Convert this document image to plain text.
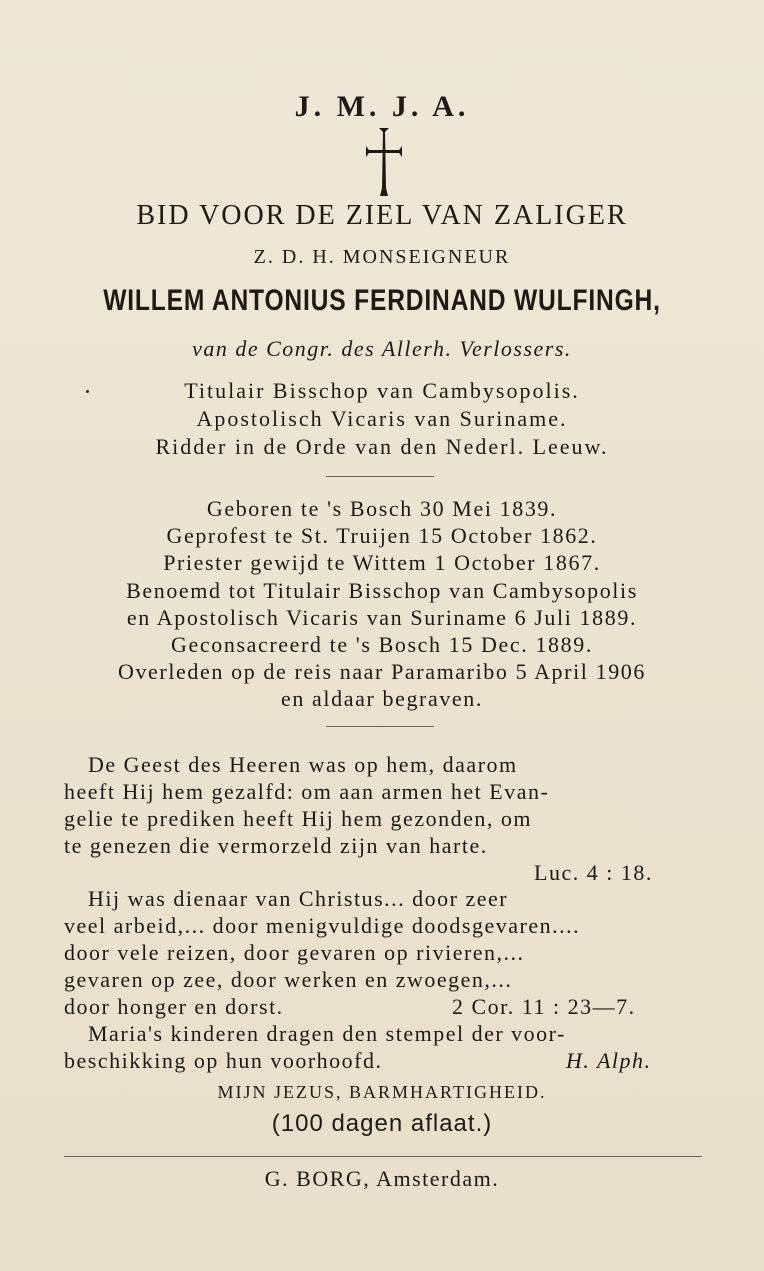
J. M. J. A.
BID VOOR DE ZIEL VAN ZALIGER
Z. D. H. MONSEIGNEUR
WILLEM ANTONIUS FERDINAND WULFINGH,
van de Congr. des Allerh. Verlossers.
Titulair Bisschop van Cambysopolis.
Apostolisch Vicaris van Suriname.
Ridder in de Orde van den Nederl. Leeuw.
Geboren te 's Bosch 30 Mei 1839.
Geprofest te St. Truijen 15 October 1862.
Priester gewijd te Wittem 1 October 1867.
Benoemd tot Titulair Bisschop van Cambysopolis
en Apostolisch Vicaris van Suriname 6 Juli 1889.
Geconsacreerd te 's Bosch 15 Dec. 1889.
Overleden op de reis naar Paramaribo 5 April 1906
en aldaar begraven.
De Geest des Heeren was op hem, daarom
heeft Hij hem gezalfd: om aan armen het Evan-
gelie te prediken heeft Hij hem gezonden, om
te genezen die vermorzeld zijn van harte.
Luc. 4 : 18.
Hij was dienaar van Christus... door zeer
veel arbeid,... door menigvuldige doodsgevaren....
door vele reizen, door gevaren op rivieren,...
gevaren op zee, door werken en zwoegen,...
door honger en dorst.	2 Cor. 11 : 23—7.
Maria's kinderen dragen den stempel der voor-
beschikking op hun voorhoofd.	H. Alph.
MIJN JEZUS, BARMHARTIGHEID.
(100 dagen aflaat.)
G. BORG, Amsterdam.
